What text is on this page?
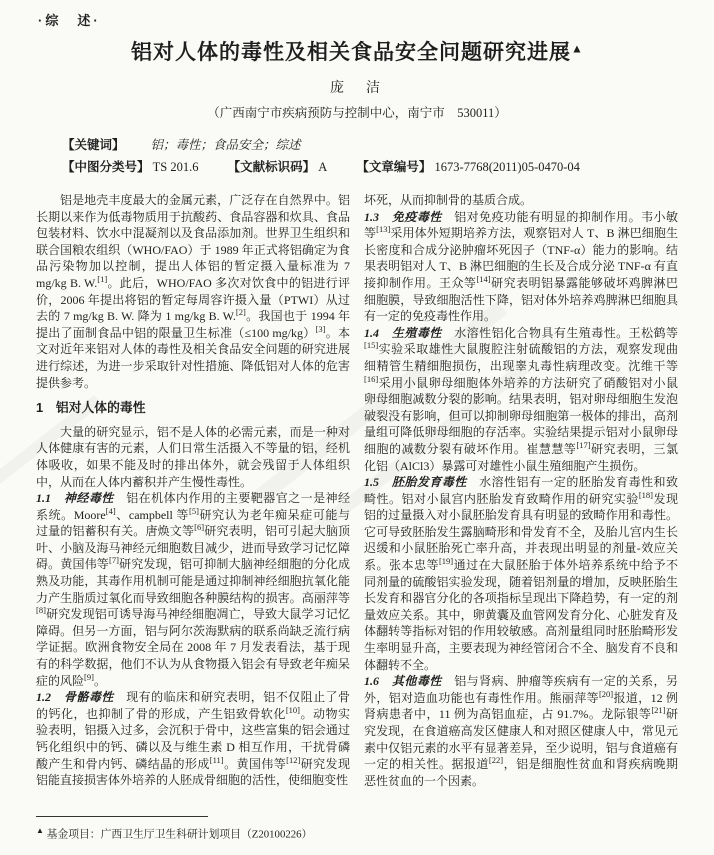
·综　述·
铝对人体的毒性及相关食品安全问题研究进展▲
庞　洁
（广西南宁市疾病预防与控制中心，南宁市　530011）
【关键词】 铝；毒性；食品安全；综述
【中图分类号】 TS 201.6 【文献标识码】 A 【文章编号】 1673-7768(2011)05-0470-04

铝是地壳丰度最大的金属元素，广泛存在自然界中。铝长期以来作为低毒物质用于抗酸药、食品容器和炊具、食品包装材料、饮水中混凝剂以及食品添加剂。世界卫生组织和联合国粮农组织（WHO/FAO）于 1989 年正式将铝确定为食品污染物加以控制，提出人体铝的暂定摄入量标准为 7 mg/kg B. W.[1]。此后，WHO/FAO 多次对饮食中的铝进行评价，2006 年提出将铝的暂定每周容许摄入量（PTWI）从过去的 7 mg/kg B. W. 降为 1 mg/kg B. W.[2]。我国也于 1994 年提出了面制食品中铝的限量卫生标准（≤100 mg/kg）[3]。本文对近年来铝对人体的毒性及相关食品安全问题的研究进展进行综述，为进一步采取针对性措施、降低铝对人体的危害提供参考。

1　铝对人体的毒性

大量的研究显示，铝不是人体的必需元素，而是一种对人体健康有害的元素，人们日常生活摄入不等量的铝，经机体吸收，如果不能及时的排出体外，就会残留于人体组织中，从而在人体内蓄积并产生慢性毒性。

1.1　神经毒性　铝在机体内作用的主要靶器官之一是神经系统。Moore[4]、campbell 等[5]研究认为老年痴呆症可能与过量的铝蓄积有关。唐焕文等[6]研究表明，铝可引起大脑顶叶、小脑及海马神经元细胞数目减少，进而导致学习记忆障碍。黄国伟等[7]研究发现，铝可抑制大脑神经细胞的分化成熟及功能，其毒作用机制可能是通过抑制神经细胞抗氧化能力产生脂质过氧化而导致细胞各种膜结构的损害。高丽萍等[8]研究发现铝可诱导海马神经细胞凋亡，导致大鼠学习记忆障碍。但另一方面，铝与阿尔茨海默病的联系尚缺乏流行病学证据。欧洲食物安全局在 2008 年 7 月发表看法，基于现有的科学数据，他们不认为从食物摄入铝会有导致老年痴呆症的风险[9]。

1.2　骨骼毒性　现有的临床和研究表明，铝不仅阻止了骨的钙化，也抑制了骨的形成，产生铝致骨软化[10]。动物实验表明，铝摄入过多，会沉积于骨中，这些富集的铝会通过钙化组织中的钙、磷以及与维生素 D 相互作用，干扰骨磷酸产生和骨内钙、磷结晶的形成[11]。黄国伟等[12]研究发现铝能直接损害体外培养的人胚成骨细胞的活性，使细胞变性

坏死，从而抑制骨的基质合成。

1.3　免疫毒性　铝对免疫功能有明显的抑制作用。韦小敏等[13]采用体外短期培养方法，观察铝对人 T、B 淋巴细胞生长密度和合成分泌肿瘤坏死因子（TNF-α）能力的影响。结果表明铝对人 T、B 淋巴细胞的生长及合成分泌 TNF-α 有直接抑制作用。王众等[14]研究表明铝暴露能够破坏鸡脾淋巴细胞膜，导致细胞活性下降，铝对体外培养鸡脾淋巴细胞具有一定的免疫毒性作用。

1.4　生殖毒性　水溶性铝化合物具有生殖毒性。王松鹤等[15]实验采取雄性大鼠腹腔注射硫酸铝的方法，观察发现曲细精管生精细胞损伤，出现睾丸毒性病理改变。沈维干等[16]采用小鼠卵母细胞体外培养的方法研究了硝酸铝对小鼠卵母细胞减数分裂的影响。结果表明，铝对卵母细胞生发泡破裂没有影响，但可以抑制卵母细胞第一极体的排出，高剂量组可降低卵母细胞的存活率。实验结果提示铝对小鼠卵母细胞的减数分裂有破坏作用。崔慧慧等[17]研究表明，三氯化铝（AlCl3）暴露可对雄性小鼠生殖细胞产生损伤。

1.5　胚胎发育毒性　水溶性铝有一定的胚胎发育毒性和致畸性。铝对小鼠宫内胚胎发育致畸作用的研究实验[18]发现铝的过量摄入对小鼠胚胎发育具有明显的致畸作用和毒性。它可导致胚胎发生露脑畸形和骨发育不全，及胎儿宫内生长迟缓和小鼠胚胎死亡率升高，并表现出明显的剂量-效应关系。张本忠等[19]通过在大鼠胚胎于体外培养系统中给予不同剂量的硫酸铝实验发现，随着铝剂量的增加，反映胚胎生长发育和器官分化的各项指标呈现出下降趋势，有一定的剂量效应关系。其中，卵黄囊及血管网发育分化、心脏发育及体翻转等指标对铝的作用较敏感。高剂量组同时胚胎畸形发生率明显升高，主要表现为神经管闭合不全、脑发育不良和体翻转不全。

1.6　其他毒性　铝与肾病、肿瘤等疾病有一定的关系，另外，铝对造血功能也有毒性作用。熊丽萍等[20]报道，12 例肾病患者中，11 例为高铝血症，占 91.7%。龙际银等[21]研究发现，在食道癌高发区健康人和对照区健康人中，常见元素中仅铝元素的水平有显著差异，至少说明，铝与食道癌有一定的相关性。据报道[22]，铝是细胞性贫血和肾疾病晚期恶性贫血的一个因素。

▲ 基金项目：广西卫生厅卫生科研计划项目（Z20100226）
